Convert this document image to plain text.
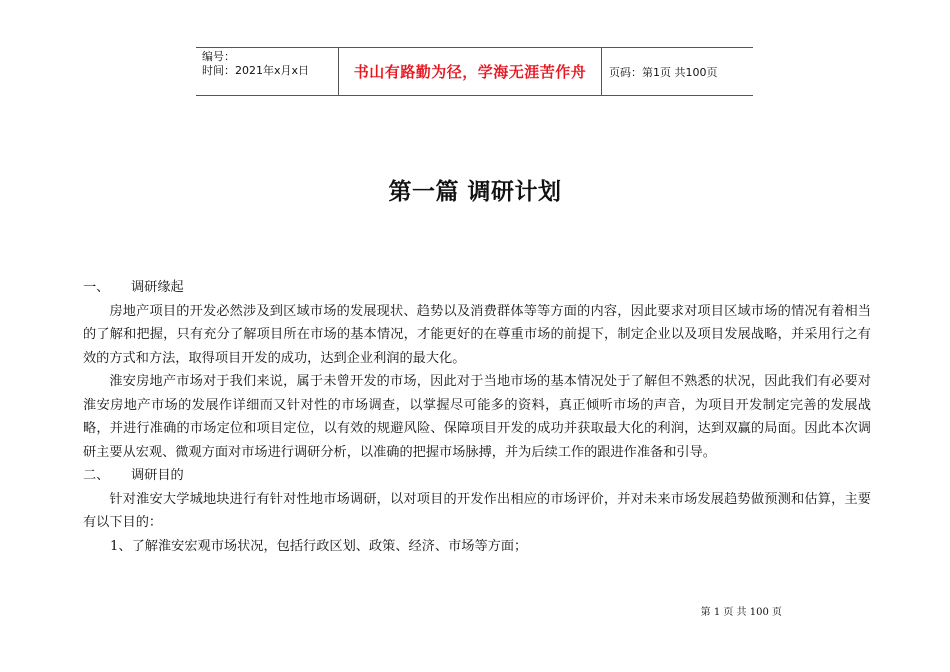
编号：
时间：2021年x月x日	书山有路勤为径，学海无涯苦作舟	页码：第1页 共100页
第一篇 调研计划
一、	调研缘起

房地产项目的开发必然涉及到区域市场的发展现状、趋势以及消费群体等等方面的内容，因此要求对项目区域市场的情况有着相当的了解和把握，只有充分了解项目所在市场的基本情况，才能更好的在尊重市场的前提下，制定企业以及项目发展战略，并采用行之有效的方式和方法，取得项目开发的成功，达到企业利润的最大化。

淮安房地产市场对于我们来说，属于未曾开发的市场，因此对于当地市场的基本情况处于了解但不熟悉的状况，因此我们有必要对淮安房地产市场的发展作详细而又针对性的市场调查，以掌握尽可能多的资料，真正倾听市场的声音，为项目开发制定完善的发展战略，并进行准确的市场定位和项目定位，以有效的规避风险、保障项目开发的成功并获取最大化的利润，达到双赢的局面。因此本次调研主要从宏观、微观方面对市场进行调研分析，以准确的把握市场脉搏，并为后续工作的跟进作准备和引导。

二、	调研目的

针对淮安大学城地块进行有针对性地市场调研，以对项目的开发作出相应的市场评价，并对未来市场发展趋势做预测和估算，主要有以下目的：

1、了解淮安宏观市场状况，包括行政区划、政策、经济、市场等方面；

第 1 页 共 100 页
